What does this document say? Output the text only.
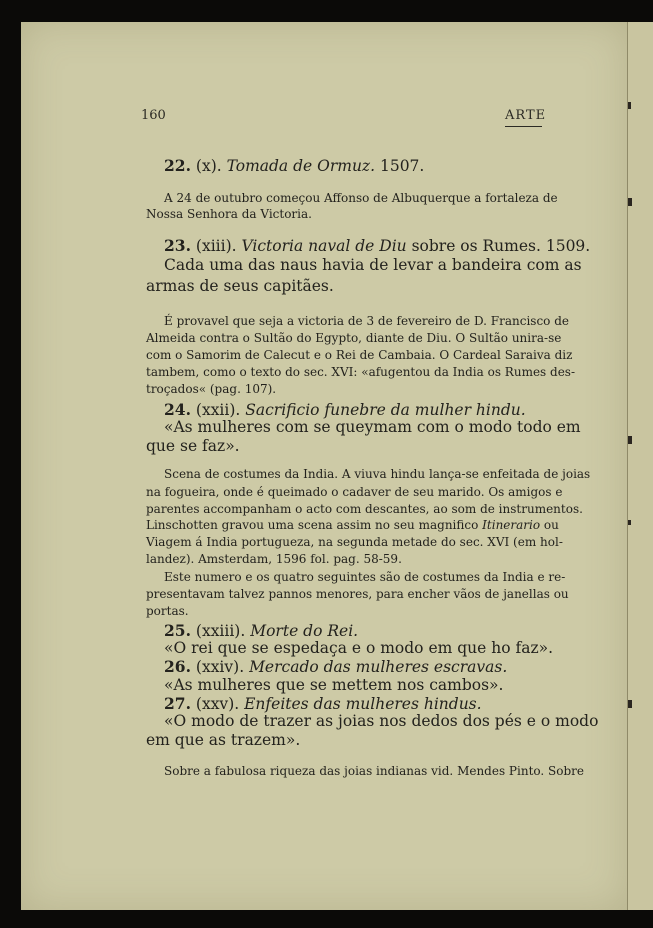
160	ARTE
22. (x). Tomada de Ormuz. 1507.
A 24 de outubro começou Affonso de Albuquerque a fortaleza de
Nossa Senhora da Victoria.
23. (xiii). Victoria naval de Diu sobre os Rumes. 1509.
Cada uma das naus havia de levar a bandeira com as
armas de seus capitães.
É provavel que seja a victoria de 3 de fevereiro de D. Francisco de
Almeida contra o Sultão do Egypto, diante de Diu. O Sultão unira-se
com o Samorim de Calecut e o Rei de Cambaia. O Cardeal Saraiva diz
tambem, como o texto do sec. XVI: «afugentou da India os Rumes des-
troçados« (pag. 107).
24. (xxii). Sacrificio funebre da mulher hindu.
«As mulheres com se queymam com o modo todo em
que se faz».
Scena de costumes da India. A viuva hindu lança-se enfeitada de joias
na fogueira, onde é queimado o cadaver de seu marido. Os amigos e
parentes accompanham o acto com descantes, ao som de instrumentos.
Linschotten gravou uma scena assim no seu magnifico Itinerario ou
Viagem á India portugueza, na segunda metade do sec. XVI (em hol-
landez). Amsterdam, 1596 fol. pag. 58-59.
Este numero e os quatro seguintes são de costumes da India e re-
presentavam talvez pannos menores, para encher vãos de janellas ou
portas.
25. (xxiii). Morte do Rei.
«O rei que se espedaça e o modo em que ho faz».
26. (xxiv). Mercado das mulheres escravas.
«As mulheres que se mettem nos cambos».
27. (xxv). Enfeites das mulheres hindus.
«O modo de trazer as joias nos dedos dos pés e o modo
em que as trazem».
Sobre a fabulosa riqueza das joias indianas vid. Mendes Pinto. Sobre
